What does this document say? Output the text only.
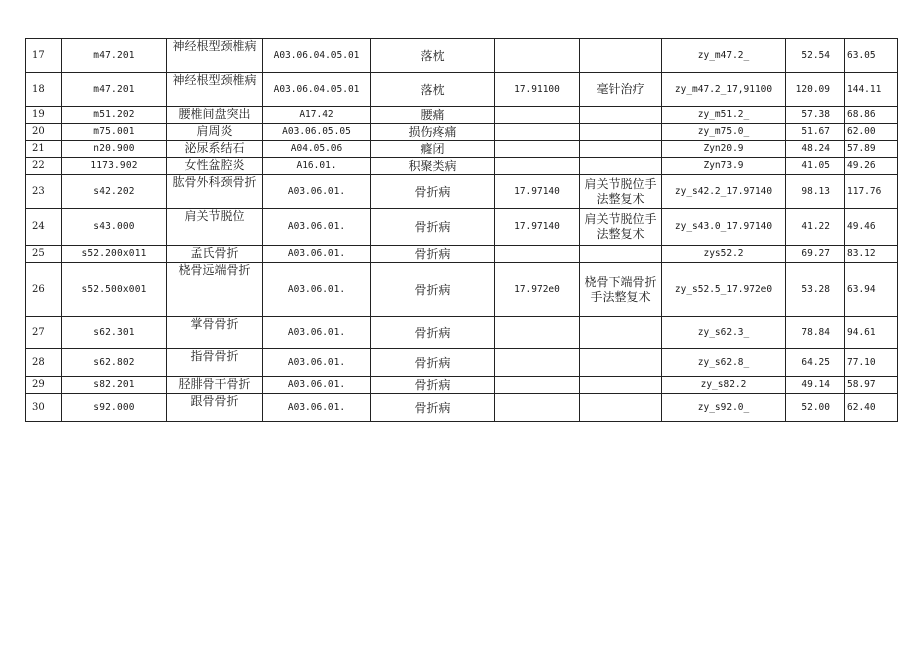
17	m47.201	神经根型颈椎病	A03.06.04.05.01	落枕			zy_m47.2_	52.54	63.05
18	m47.201	神经根型颈椎病	A03.06.04.05.01	落枕	17.91100	毫针治疗	zy_m47.2_17,91100	120.09	144.11
19	m51.202	腰椎间盘突出	A17.42	腰痛			zy_m51.2_	57.38	68.86
20	m75.001	肩周炎	A03.06.05.05	损伤疼痛			zy_m75.0_	51.67	62.00
21	n20.900	泌尿系结石	A04.05.06	癃闭			Zyn20.9	48.24	57.89
22	1173.902	女性盆腔炎	A16.01.	积聚类病			Zyn73.9	41.05	49.26
23	s42.202	肱骨外科颈骨折	A03.06.01.	骨折病	17.97140	肩关节脱位手法整复术	zy_s42.2_17.97140	98.13	117.76
24	s43.000	肩关节脱位	A03.06.01.	骨折病	17.97140	肩关节脱位手法整复术	zy_s43.0_17.97140	41.22	49.46
25	s52.200x011	孟氏骨折	A03.06.01.	骨折病			zys52.2	69.27	83.12
26	s52.500x001	桡骨远端骨折	A03.06.01.	骨折病	17.972e0	桡骨下端骨折手法整复术	zy_s52.5_17.972e0	53.28	63.94
27	s62.301	掌骨骨折	A03.06.01.	骨折病			zy_s62.3_	78.84	94.61
28	s62.802	指骨骨折	A03.06.01.	骨折病			zy_s62.8_	64.25	77.10
29	s82.201	胫腓骨干骨折	A03.06.01.	骨折病			zy_s82.2	49.14	58.97
30	s92.000	跟骨骨折	A03.06.01.	骨折病			zy_s92.0_	52.00	62.40
